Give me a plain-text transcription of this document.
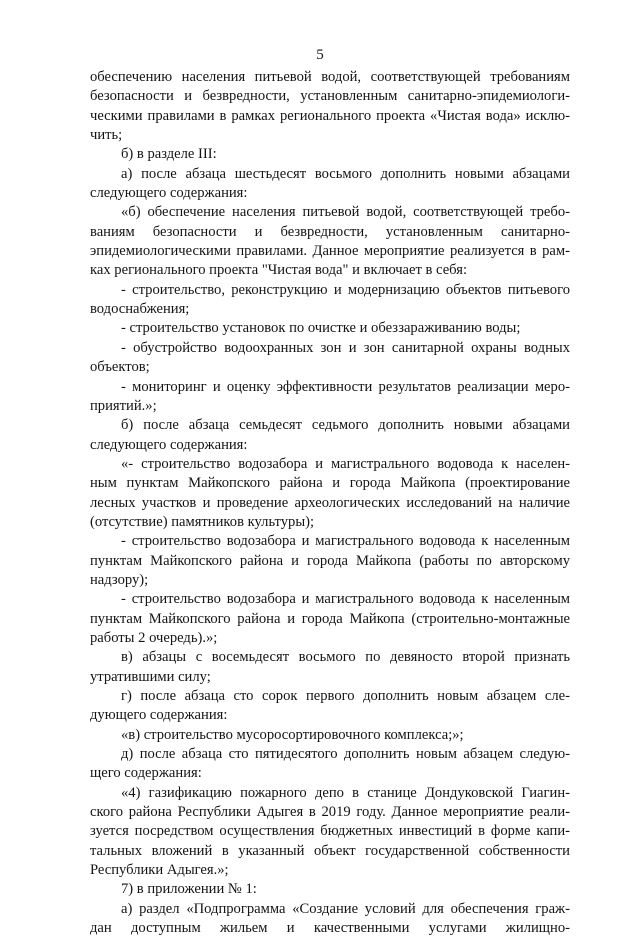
5
обеспечению населения питьевой водой, соответствующей требованиям
безопасности и безвредности, установленным санитарно-эпидемиологи-
ческими правилами в рамках регионального проекта «Чистая вода» исклю-
чить;
б) в разделе III:
а) после абзаца шестьдесят восьмого дополнить новыми абзацами
следующего содержания:
«б) обеспечение населения питьевой водой, соответствующей требо-
ваниям безопасности и безвредности, установленным санитарно-
эпидемиологическими правилами. Данное мероприятие реализуется в рам-
ках регионального проекта "Чистая вода" и включает в себя:
- строительство, реконструкцию и модернизацию объектов питьевого
водоснабжения;
- строительство установок по очистке и обеззараживанию воды;
- обустройство водоохранных зон и зон санитарной охраны водных
объектов;
- мониторинг и оценку эффективности результатов реализации меро-
приятий.»;
б) после абзаца семьдесят седьмого дополнить новыми абзацами
следующего содержания:
«- строительство водозабора и магистрального водовода к населен-
ным пунктам Майкопского района и города Майкопа (проектирование
лесных участков и проведение археологических исследований на наличие
(отсутствие) памятников культуры);
- строительство водозабора и магистрального водовода к населенным
пунктам Майкопского района и города Майкопа (работы по авторскому
надзору);
- строительство водозабора и магистрального водовода к населенным
пунктам Майкопского района и города Майкопа (строительно-монтажные
работы 2 очередь).»;
в) абзацы с восемьдесят восьмого по девяносто второй признать
утратившими силу;
г) после абзаца сто сорок первого дополнить новым абзацем сле-
дующего содержания:
«в) строительство мусоросортировочного комплекса;»;
д) после абзаца сто пятидесятого дополнить новым абзацем следую-
щего содержания:
«4) газификацию пожарного депо в станице Дондуковской Гиагин-
ского района Республики Адыгея в 2019 году. Данное мероприятие реали-
зуется посредством осуществления бюджетных инвестиций в форме капи-
тальных вложений в указанный объект государственной собственности
Республики Адыгея.»;
7) в приложении № 1:
а) раздел «Подпрограмма «Создание условий для обеспечения граж-
дан доступным жильем и качественными услугами жилищно-
